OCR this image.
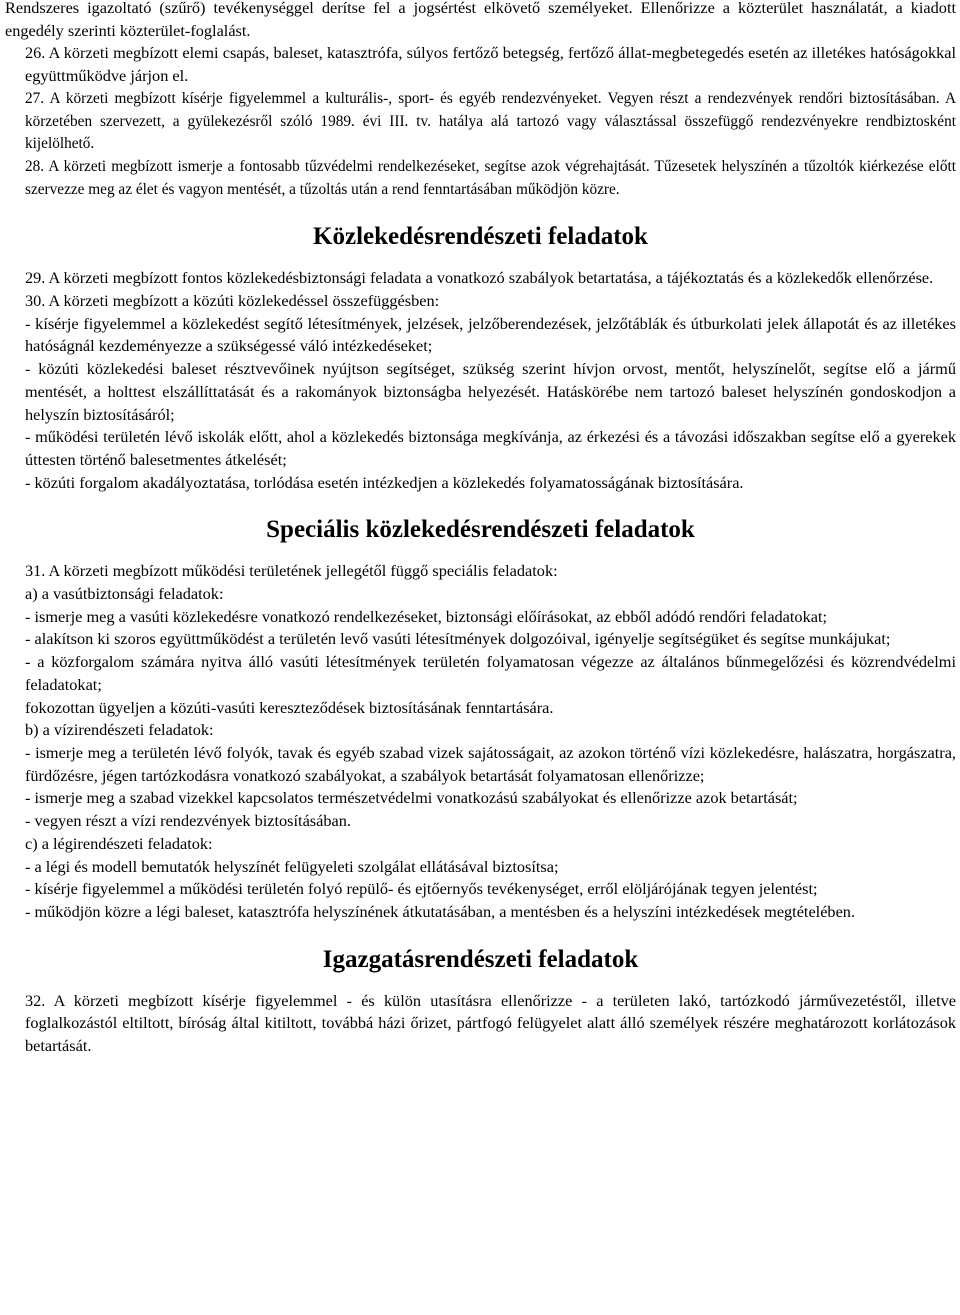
Rendszeres igazoltató (szűrő) tevékenységgel derítse fel a jogsértést elkövető személyeket. Ellenőrizze a közterület használatát, a kiadott engedély szerinti közterület-foglalást.

26. A körzeti megbízott elemi csapás, baleset, katasztrófa, súlyos fertőző betegség, fertőző állat-megbetegedés esetén az illetékes hatóságokkal együttműködve járjon el.

27. A körzeti megbízott kísérje figyelemmel a kulturális-, sport- és egyéb rendezvényeket. Vegyen részt a rendezvények rendőri biztosításában. A körzetében szervezett, a gyülekezésről szóló 1989. évi III. tv. hatálya alá tartozó vagy választással összefüggő rendezvényekre rendbiztosként kijelölhető.

28. A körzeti megbízott ismerje a fontosabb tűzvédelmi rendelkezéseket, segítse azok végrehajtását. Tűzesetek helyszínén a tűzoltók kiérkezése előtt szervezze meg az élet és vagyon mentését, a tűzoltás után a rend fenntartásában működjön közre.

Közlekedésrendészeti feladatok

29. A körzeti megbízott fontos közlekedésbiztonsági feladata a vonatkozó szabályok betartatása, a tájékoztatás és a közlekedők ellenőrzése.

30. A körzeti megbízott a közúti közlekedéssel összefüggésben:

- kísérje figyelemmel a közlekedést segítő létesítmények, jelzések, jelzőberendezések, jelzőtáblák és útburkolati jelek állapotát és az illetékes hatóságnál kezdeményezze a szükségessé váló intézkedéseket;

- közúti közlekedési baleset résztvevőinek nyújtson segítséget, szükség szerint hívjon orvost, mentőt, helyszínelőt, segítse elő a jármű mentését, a holttest elszállíttatását és a rakományok biztonságba helyezését. Hatáskörébe nem tartozó baleset helyszínén gondoskodjon a helyszín biztosításáról;

- működési területén lévő iskolák előtt, ahol a közlekedés biztonsága megkívánja, az érkezési és a távozási időszakban segítse elő a gyerekek úttesten történő balesetmentes átkelését;

- közúti forgalom akadályoztatása, torlódása esetén intézkedjen a közlekedés folyamatosságának biztosítására.

Speciális közlekedésrendészeti feladatok

31. A körzeti megbízott működési területének jellegétől függő speciális feladatok:

a) a vasútbiztonsági feladatok:

- ismerje meg a vasúti közlekedésre vonatkozó rendelkezéseket, biztonsági előírásokat, az ebből adódó rendőri feladatokat;

- alakítson ki szoros együttműködést a területén levő vasúti létesítmények dolgozóival, igényelje segítségüket és segítse munkájukat;

- a közforgalom számára nyitva álló vasúti létesítmények területén folyamatosan végezze az általános bűnmegelőzési és közrendvédelmi feladatokat;

fokozottan ügyeljen a közúti-vasúti kereszteződések biztosításának fenntartására.

b) a vízirendészeti feladatok:

- ismerje meg a területén lévő folyók, tavak és egyéb szabad vizek sajátosságait, az azokon történő vízi közlekedésre, halászatra, horgászatra, fürdőzésre, jégen tartózkodásra vonatkozó szabályokat, a szabályok betartását folyamatosan ellenőrizze;

- ismerje meg a szabad vizekkel kapcsolatos természetvédelmi vonatkozású szabályokat és ellenőrizze azok betartását;

- vegyen részt a vízi rendezvények biztosításában.

c) a légirendészeti feladatok:

- a légi és modell bemutatók helyszínét felügyeleti szolgálat ellátásával biztosítsa;

- kísérje figyelemmel a működési területén folyó repülő- és ejtőernyős tevékenységet, erről elöljárójának tegyen jelentést;

- működjön közre a légi baleset, katasztrófa helyszínének átkutatásában, a mentésben és a helyszíni intézkedések megtételében.

Igazgatásrendészeti feladatok

32. A körzeti megbízott kísérje figyelemmel - és külön utasításra ellenőrizze - a területen lakó, tartózkodó járművezetéstől, illetve foglalkozástól eltiltott, bíróság által kitiltott, továbbá házi őrizet, pártfogó felügyelet alatt álló személyek részére meghatározott korlátozások betartását.
